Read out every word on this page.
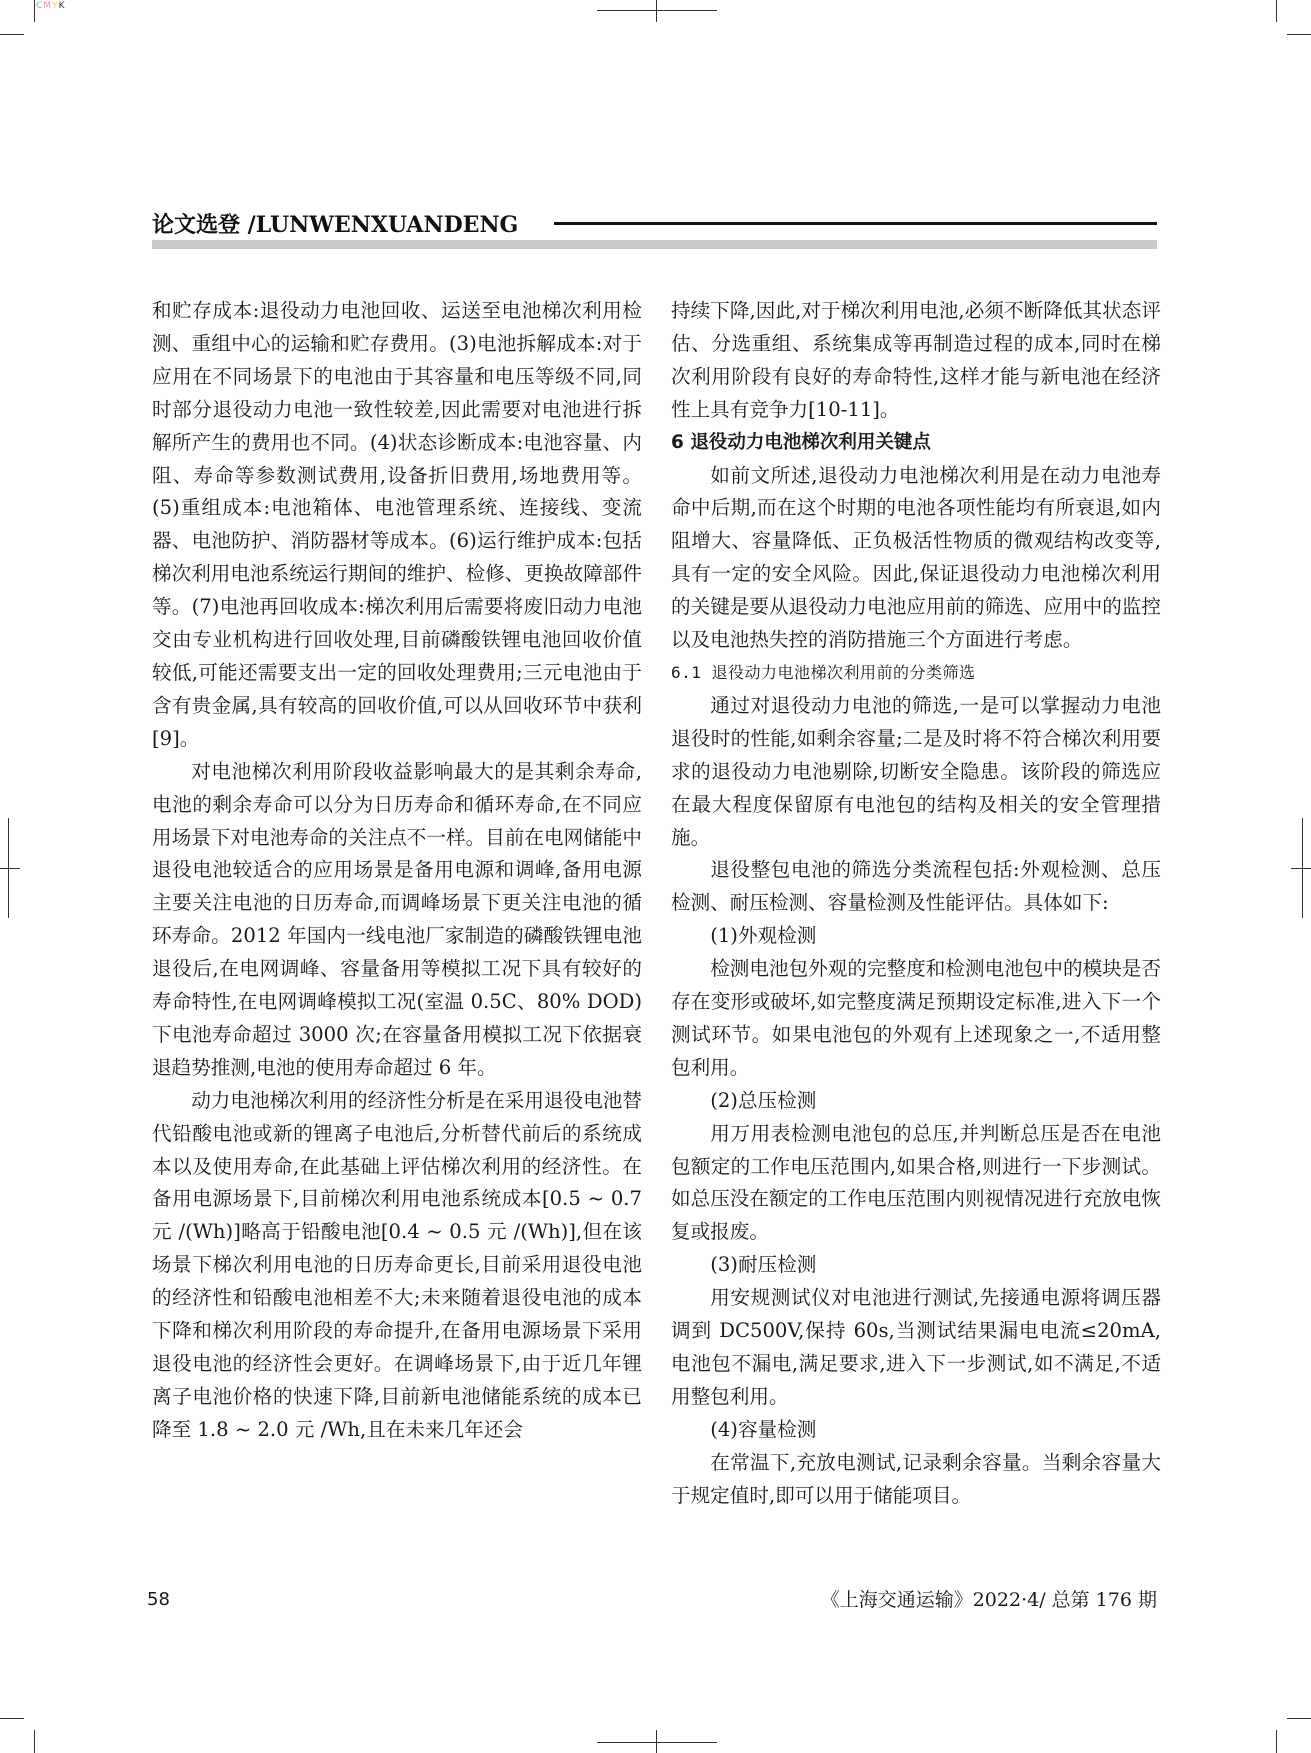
CMYK
论文选登 /LUNWENXUANDENG

和贮存成本:退役动力电池回收、运送至电池梯次利用检测、重组中心的运输和贮存费用。(3)电池拆解成本:对于应用在不同场景下的电池由于其容量和电压等级不同,同时部分退役动力电池一致性较差,因此需要对电池进行拆解所产生的费用也不同。(4)状态诊断成本:电池容量、内阻、寿命等参数测试费用,设备折旧费用,场地费用等。(5)重组成本:电池箱体、电池管理系统、连接线、变流器、电池防护、消防器材等成本。(6)运行维护成本:包括梯次利用电池系统运行期间的维护、检修、更换故障部件等。(7)电池再回收成本:梯次利用后需要将废旧动力电池交由专业机构进行回收处理,目前磷酸铁锂电池回收价值较低,可能还需要支出一定的回收处理费用;三元电池由于含有贵金属,具有较高的回收价值,可以从回收环节中获利[9]。

对电池梯次利用阶段收益影响最大的是其剩余寿命,电池的剩余寿命可以分为日历寿命和循环寿命,在不同应用场景下对电池寿命的关注点不一样。目前在电网储能中退役电池较适合的应用场景是备用电源和调峰,备用电源主要关注电池的日历寿命,而调峰场景下更关注电池的循环寿命。2012 年国内一线电池厂家制造的磷酸铁锂电池退役后,在电网调峰、容量备用等模拟工况下具有较好的寿命特性,在电网调峰模拟工况(室温 0.5C、80% DOD)下电池寿命超过 3000 次;在容量备用模拟工况下依据衰退趋势推测,电池的使用寿命超过 6 年。

动力电池梯次利用的经济性分析是在采用退役电池替代铅酸电池或新的锂离子电池后,分析替代前后的系统成本以及使用寿命,在此基础上评估梯次利用的经济性。在备用电源场景下,目前梯次利用电池系统成本[0.5 ~ 0.7 元 /(Wh)]略高于铅酸电池[0.4 ~ 0.5 元 /(Wh)],但在该场景下梯次利用电池的日历寿命更长,目前采用退役电池的经济性和铅酸电池相差不大;未来随着退役电池的成本下降和梯次利用阶段的寿命提升,在备用电源场景下采用退役电池的经济性会更好。在调峰场景下,由于近几年锂离子电池价格的快速下降,目前新电池储能系统的成本已降至 1.8 ~ 2.0 元 /Wh,且在未来几年还会

持续下降,因此,对于梯次利用电池,必须不断降低其状态评估、分选重组、系统集成等再制造过程的成本,同时在梯次利用阶段有良好的寿命特性,这样才能与新电池在经济性上具有竞争力[10-11]。

6 退役动力电池梯次利用关键点

如前文所述,退役动力电池梯次利用是在动力电池寿命中后期,而在这个时期的电池各项性能均有所衰退,如内阻增大、容量降低、正负极活性物质的微观结构改变等,具有一定的安全风险。因此,保证退役动力电池梯次利用的关键是要从退役动力电池应用前的筛选、应用中的监控以及电池热失控的消防措施三个方面进行考虑。

6.1 退役动力电池梯次利用前的分类筛选

通过对退役动力电池的筛选,一是可以掌握动力电池退役时的性能,如剩余容量;二是及时将不符合梯次利用要求的退役动力电池剔除,切断安全隐患。该阶段的筛选应在最大程度保留原有电池包的结构及相关的安全管理措施。

退役整包电池的筛选分类流程包括:外观检测、总压检测、耐压检测、容量检测及性能评估。具体如下:

(1)外观检测

检测电池包外观的完整度和检测电池包中的模块是否存在变形或破坏,如完整度满足预期设定标准,进入下一个测试环节。如果电池包的外观有上述现象之一,不适用整包利用。

(2)总压检测

用万用表检测电池包的总压,并判断总压是否在电池包额定的工作电压范围内,如果合格,则进行一下步测试。如总压没在额定的工作电压范围内则视情况进行充放电恢复或报废。

(3)耐压检测

用安规测试仪对电池进行测试,先接通电源将调压器调到 DC500V,保持 60s,当测试结果漏电电流≤20mA,电池包不漏电,满足要求,进入下一步测试,如不满足,不适用整包利用。

(4)容量检测

在常温下,充放电测试,记录剩余容量。当剩余容量大于规定值时,即可以用于储能项目。

58	《上海交通运输》2022·4/ 总第 176 期
